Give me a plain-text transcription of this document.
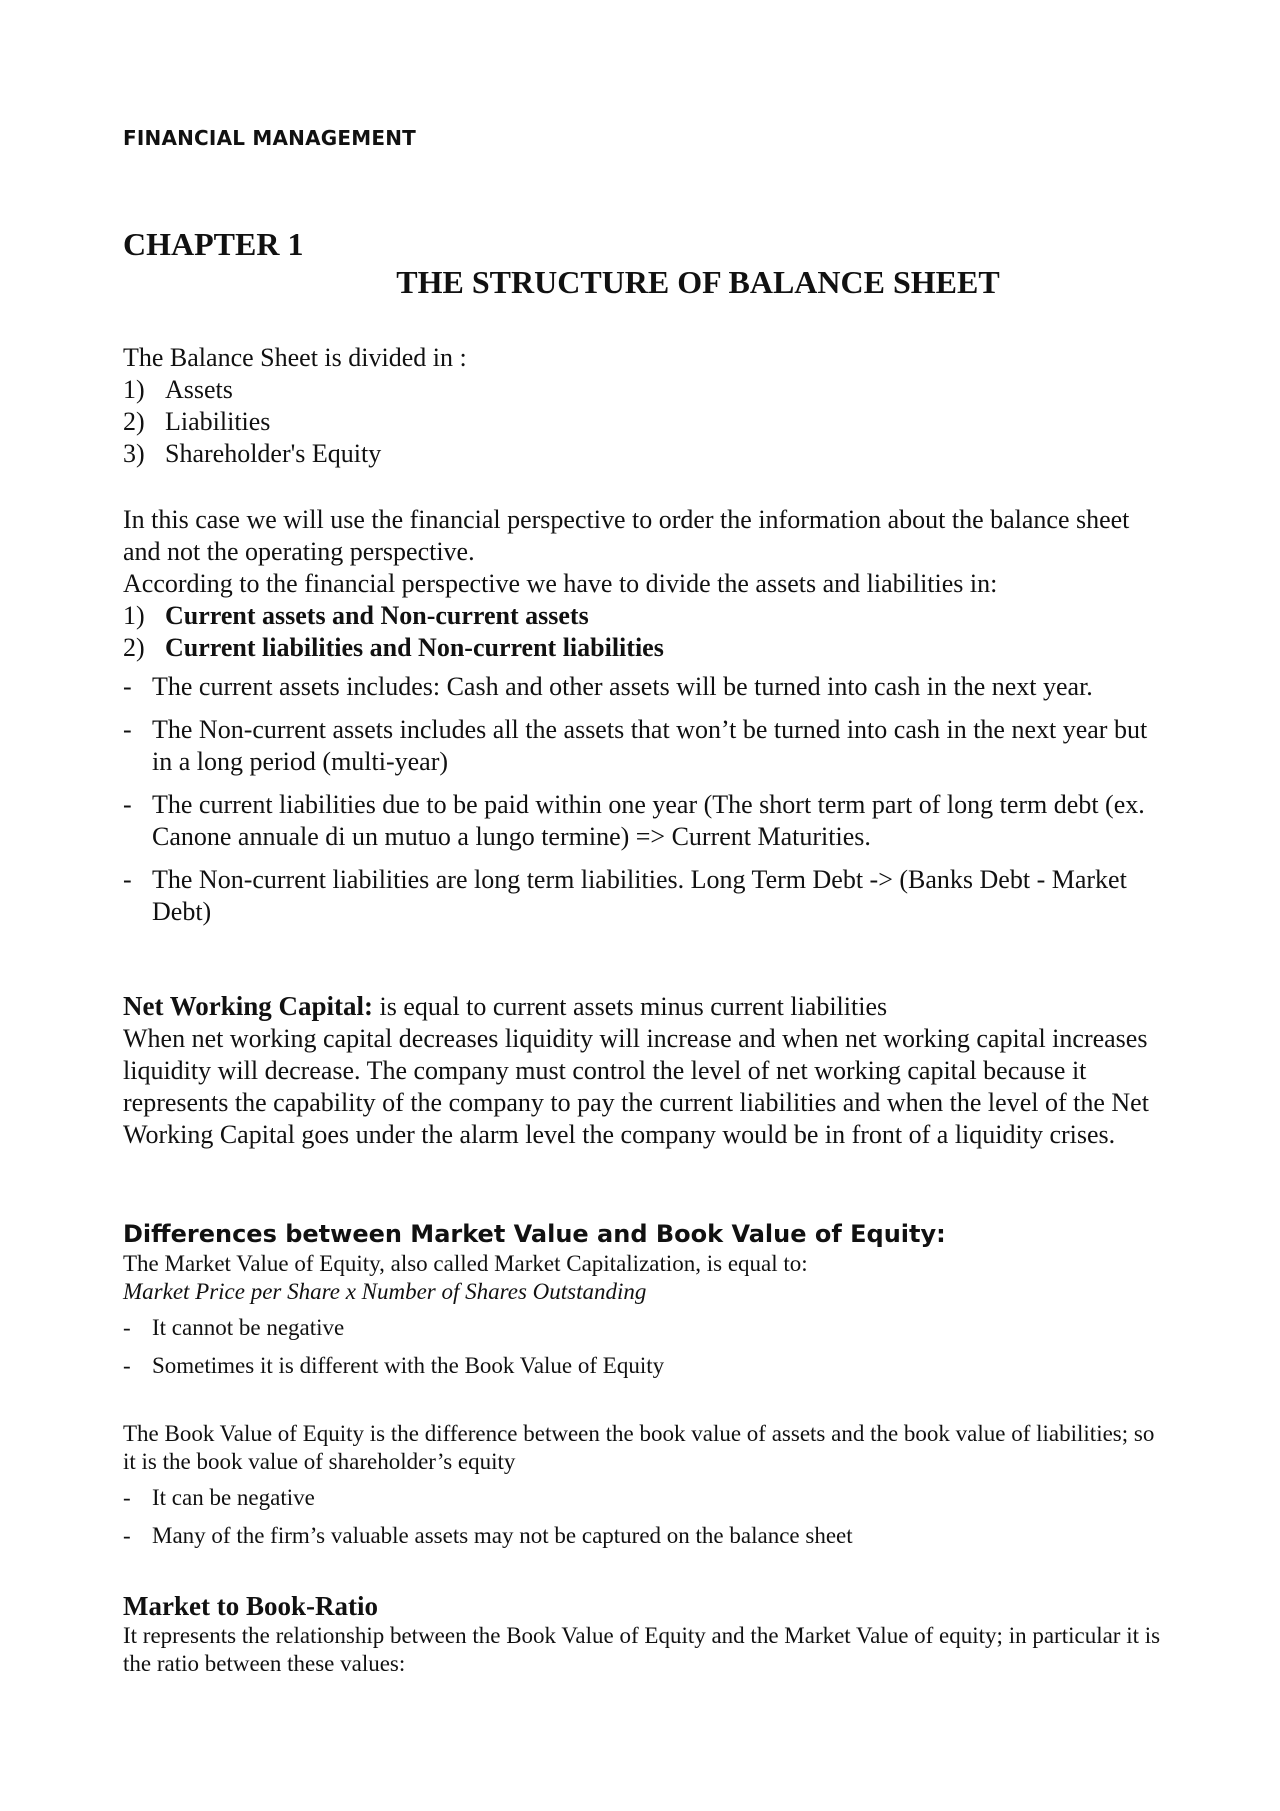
FINANCIAL MANAGEMENT
CHAPTER 1
THE STRUCTURE OF BALANCE SHEET

The Balance Sheet is divided in :

1) Assets
2) Liabilities
3) Shareholder's Equity

In this case we will use the financial perspective to order the information about the balance sheet and not the operating perspective.

According to the financial perspective we have to divide the assets and liabilities in:

1) Current assets and Non-current assets
2) Current liabilities and Non-current liabilities
- The current assets includes: Cash and other assets will be turned into cash in the next year.
- The Non-current assets includes all the assets that won’t be turned into cash in the next year but in a long period (multi-year)
- The current liabilities due to be paid within one year (The short term part of long term debt (ex. Canone annuale di un mutuo a lungo termine) => Current Maturities.
- The Non-current liabilities are long term liabilities. Long Term Debt -> (Banks Debt - Market Debt)

Net Working Capital: is equal to current assets minus current liabilities

When net working capital decreases liquidity will increase and when net working capital increases liquidity will decrease. The company must control the level of net working capital because it represents the capability of the company to pay the current liabilities and when the level of the Net Working Capital goes under the alarm level the company would be in front of a liquidity crises.

Differences between Market Value and Book Value of Equity:

The Market Value of Equity, also called Market Capitalization, is equal to:

Market Price per Share x Number of Shares Outstanding

- It cannot be negative
- Sometimes it is different with the Book Value of Equity

The Book Value of Equity is the difference between the book value of assets and the book value of liabilities; so it is the book value of shareholder’s equity

- It can be negative
- Many of the firm’s valuable assets may not be captured on the balance sheet

Market to Book-Ratio

It represents the relationship between the Book Value of Equity and the Market Value of equity; in particular it is the ratio between these values:
